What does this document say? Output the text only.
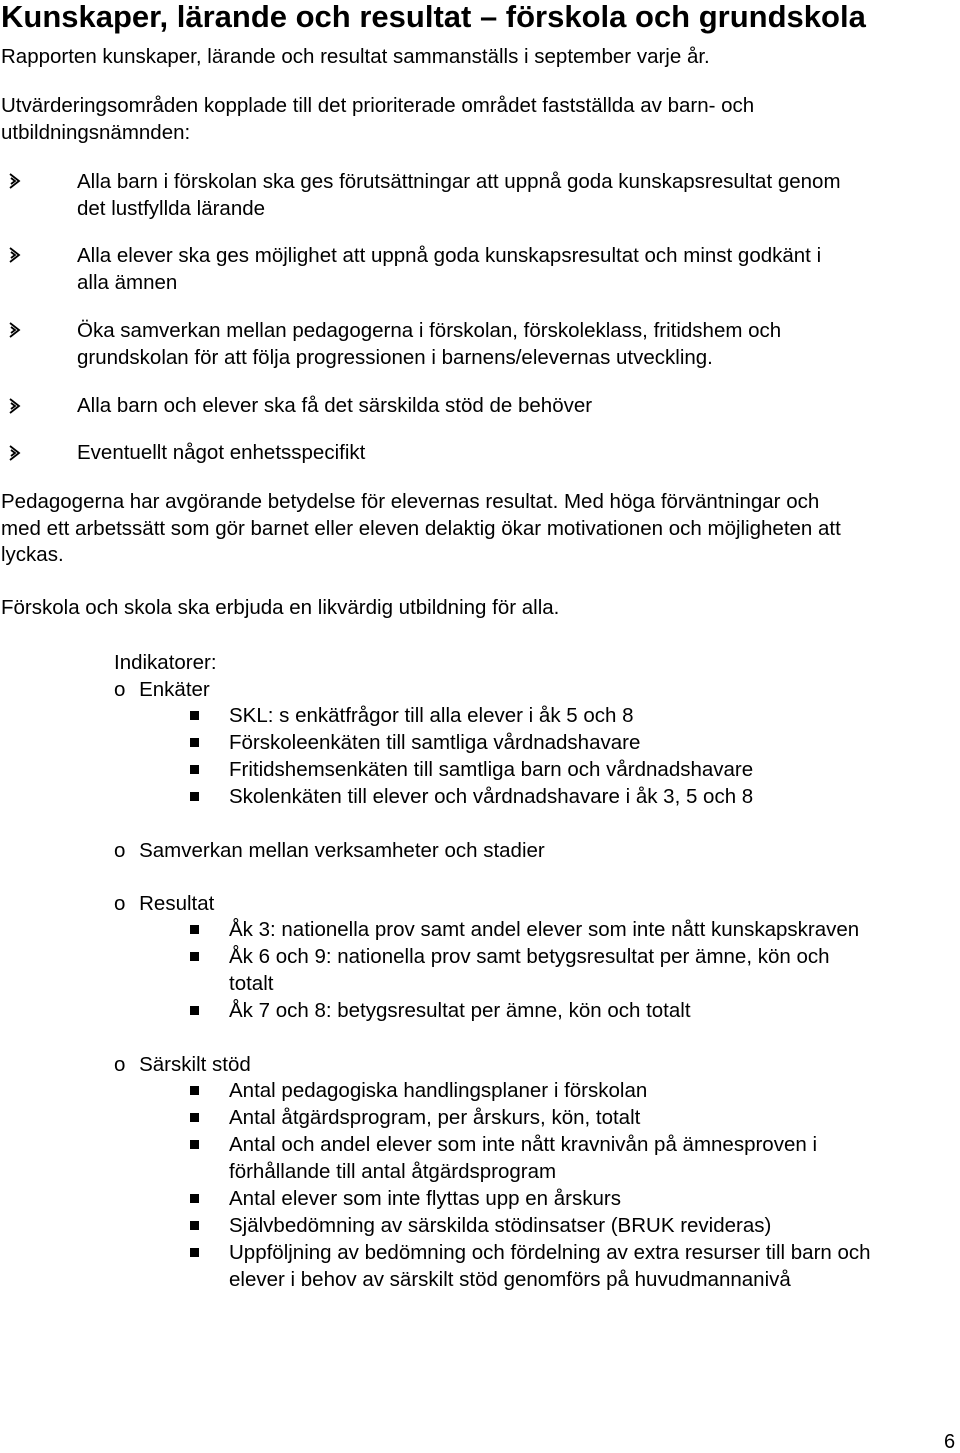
Kunskaper, lärande och resultat – förskola och grundskola
Rapporten kunskaper, lärande och resultat sammanställs i september varje år.
Utvärderingsområden kopplade till det prioriterade området fastställda av barn- och
utbildningsnämnden:
Alla barn i förskolan ska ges förutsättningar att uppnå goda kunskapsresultat genom
det lustfyllda lärande
Alla elever ska ges möjlighet att uppnå goda kunskapsresultat och minst godkänt i
alla ämnen
Öka samverkan mellan pedagogerna i förskolan, förskoleklass, fritidshem och
grundskolan för att följa progressionen i barnens/elevernas utveckling.
Alla barn och elever ska få det särskilda stöd de behöver
Eventuellt något enhetsspecifikt
Pedagogerna har avgörande betydelse för elevernas resultat. Med höga förväntningar och
med ett arbetssätt som gör barnet eller eleven delaktig ökar motivationen och möjligheten att
lyckas.
Förskola och skola ska erbjuda en likvärdig utbildning för alla.
Indikatorer:
o Enkäter
SKL: s enkätfrågor till alla elever i åk 5 och 8
Förskoleenkäten till samtliga vårdnadshavare
Fritidshemsenkäten till samtliga barn och vårdnadshavare
Skolenkäten till elever och vårdnadshavare i åk 3, 5 och 8
o Samverkan mellan verksamheter och stadier
o Resultat
Åk 3: nationella prov samt andel elever som inte nått kunskapskraven
Åk 6 och 9: nationella prov samt betygsresultat per ämne, kön och
totalt
Åk 7 och 8: betygsresultat per ämne, kön och totalt
o Särskilt stöd
Antal pedagogiska handlingsplaner i förskolan
Antal åtgärdsprogram, per årskurs, kön, totalt
Antal och andel elever som inte nått kravnivån på ämnesproven i
förhållande till antal åtgärdsprogram
Antal elever som inte flyttas upp en årskurs
Självbedömning av särskilda stödinsatser (BRUK revideras)
Uppföljning av bedömning och fördelning av extra resurser till barn och
elever i behov av särskilt stöd genomförs på huvudmannanivå
6
